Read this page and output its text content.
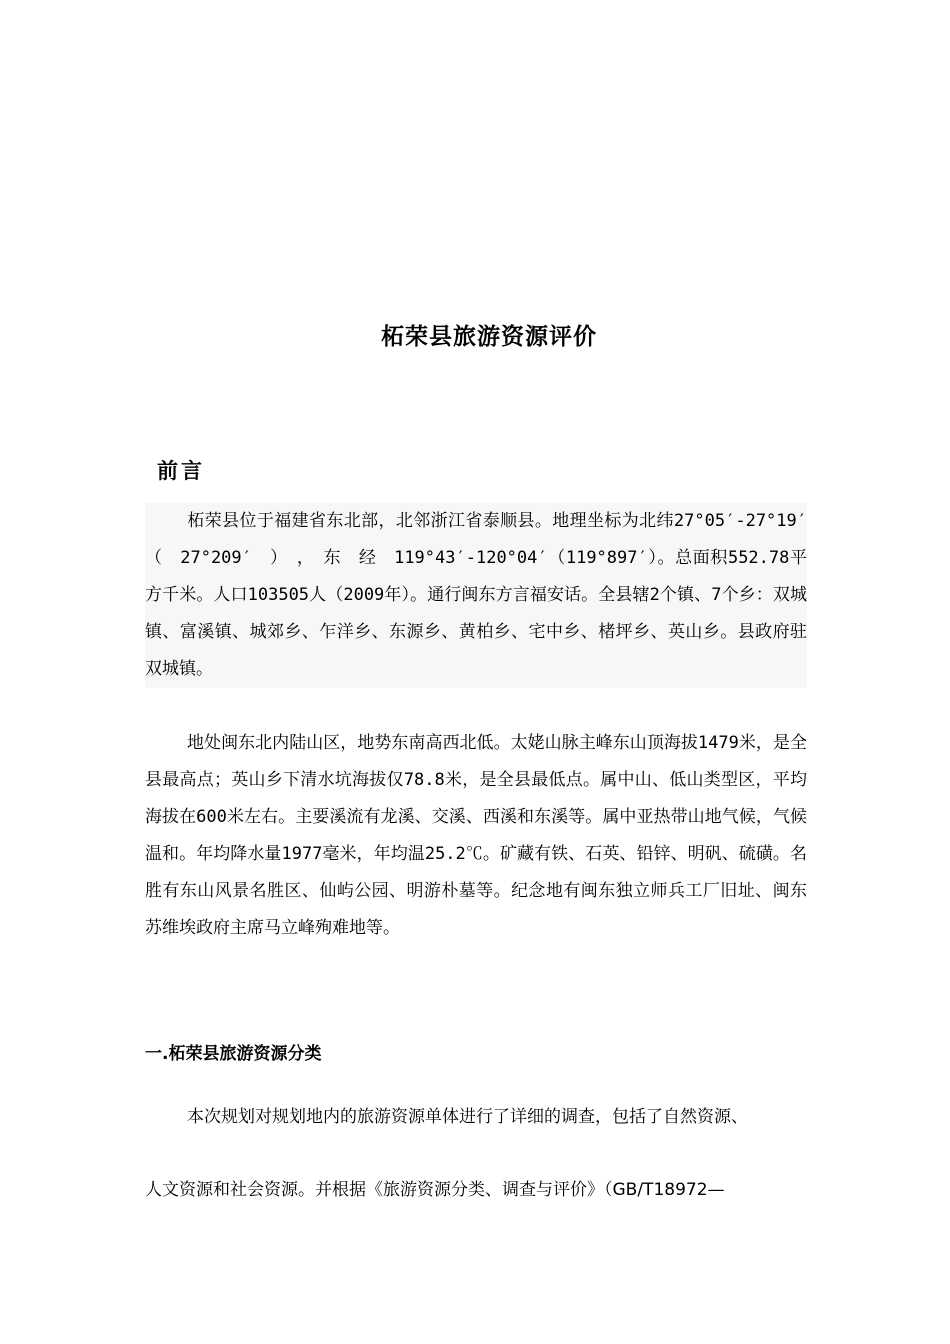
柘荣县旅游资源评价
前言
柘荣县位于福建省东北部，北邻浙江省泰顺县。地理坐标为北纬27°05′-27°19′　（　27°209′　）　，　东　经　119°43′-120°04′（119°897′）。总面积552.78平方千米。人口103505人（2009年）。通行闽东方言福安话。全县辖2个镇、7个乡：双城镇、富溪镇、城郊乡、乍洋乡、东源乡、黄柏乡、宅中乡、楮坪乡、英山乡。县政府驻双城镇。
地处闽东北内陆山区，地势东南高西北低。太姥山脉主峰东山顶海拔1479米，是全县最高点；英山乡下清水坑海拔仅78.8米，是全县最低点。属中山、低山类型区，平均海拔在600米左右。主要溪流有龙溪、交溪、西溪和东溪等。属中亚热带山地气候，气候温和。年均降水量1977毫米，年均温25.2℃。矿藏有铁、石英、铅锌、明矾、硫磺。名胜有东山风景名胜区、仙屿公园、明游朴墓等。纪念地有闽东独立师兵工厂旧址、闽东苏维埃政府主席马立峰殉难地等。
一.柘荣县旅游资源分类
本次规划对规划地内的旅游资源单体进行了详细的调查，包括了自然资源、
人文资源和社会资源。并根据《旅游资源分类、调查与评价》（GB/T18972—
